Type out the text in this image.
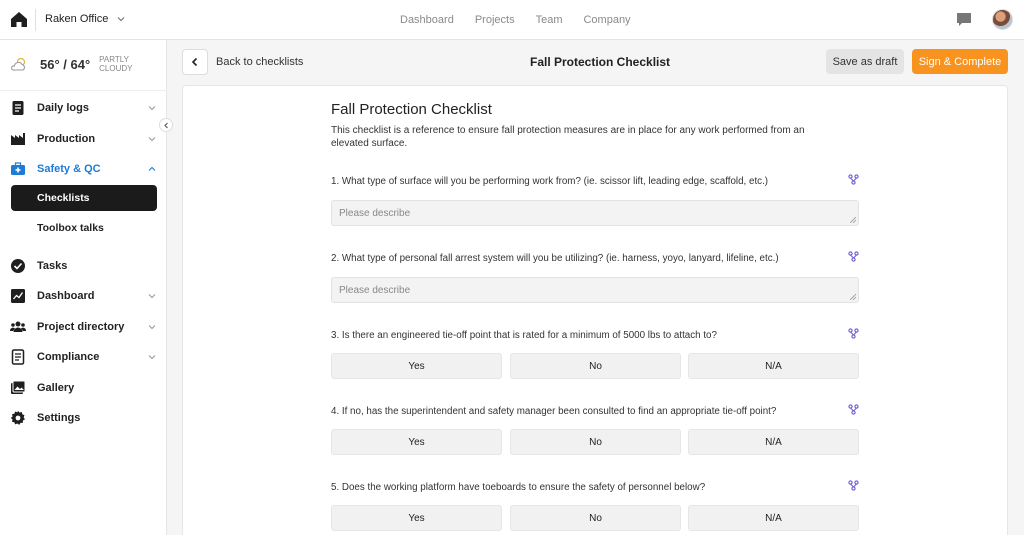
Raken Office	Dashboard Projects Team Company
56° / 64° PARTLY CLOUDY
Daily logs
Production
Safety & QC
Checklists
Toolbox talks
Tasks
Dashboard
Project directory
Compliance
Gallery
Settings
Back to checklists	Fall Protection Checklist	Save as draft	Sign & Complete
Fall Protection Checklist
This checklist is a reference to ensure fall protection measures are in place for any work performed from an elevated surface.
1. What type of surface will you be performing work from? (ie. scissor lift, leading edge, scaffold, etc.)
Please describe
2. What type of personal fall arrest system will you be utilizing? (ie. harness, yoyo, lanyard, lifeline, etc.)
Please describe
3. Is there an engineered tie-off point that is rated for a minimum of 5000 lbs to attach to?
Yes	No	N/A
4. If no, has the superintendent and safety manager been consulted to find an appropriate tie-off point?
Yes	No	N/A
5. Does the working platform have toeboards to ensure the safety of personnel below?
Yes	No	N/A
